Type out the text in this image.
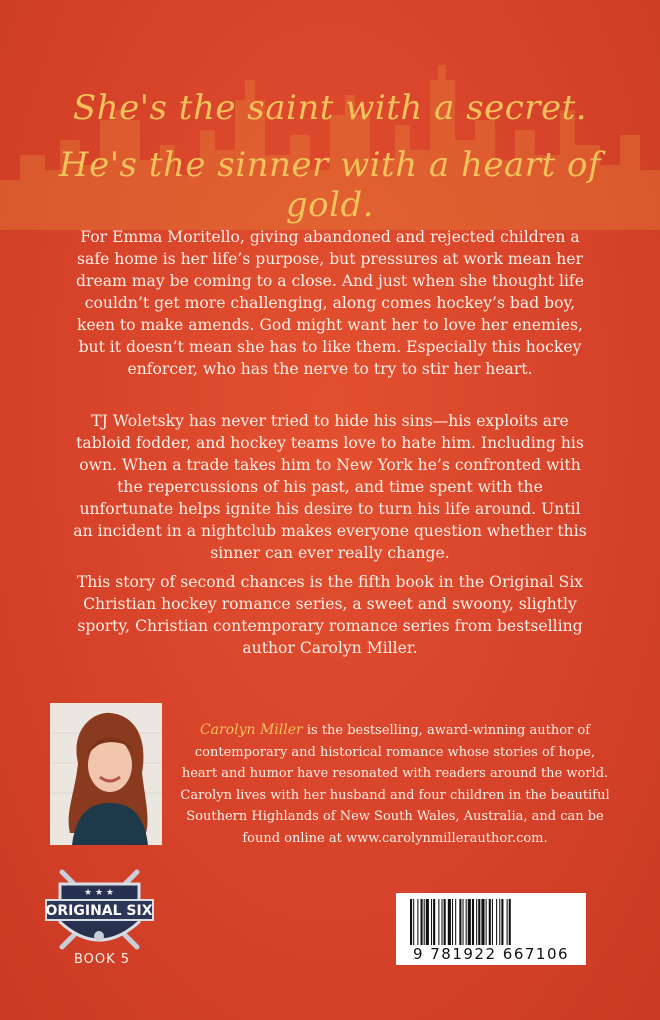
She's the saint with a secret.
He's the sinner with a heart of gold.

For Emma Moritello, giving abandoned and rejected children a safe home is her life’s purpose, but pressures at work mean her dream may be coming to a close. And just when she thought life couldn’t get more challenging, along comes hockey’s bad boy, keen to make amends. God might want her to love her enemies, but it doesn’t mean she has to like them. Especially this hockey enforcer, who has the nerve to try to stir her heart.

TJ Woletsky has never tried to hide his sins—his exploits are tabloid fodder, and hockey teams love to hate him. Including his own. When a trade takes him to New York he’s confronted with the repercussions of his past, and time spent with the unfortunate helps ignite his desire to turn his life around. Until an incident in a nightclub makes everyone question whether this sinner can ever really change.

This story of second chances is the fifth book in the Original Six Christian hockey romance series, a sweet and swoony, slightly sporty, Christian contemporary romance series from bestselling author Carolyn Miller.

Carolyn Miller is the bestselling, award-winning author of contemporary and historical romance whose stories of hope, heart and humor have resonated with readers around the world. Carolyn lives with her husband and four children in the beautiful Southern Highlands of New South Wales, Australia, and can be found online at www.carolynmillerauthor.com.

★ ★ ★
ORIGINAL SIX
BOOK 5	9 781922 667106
